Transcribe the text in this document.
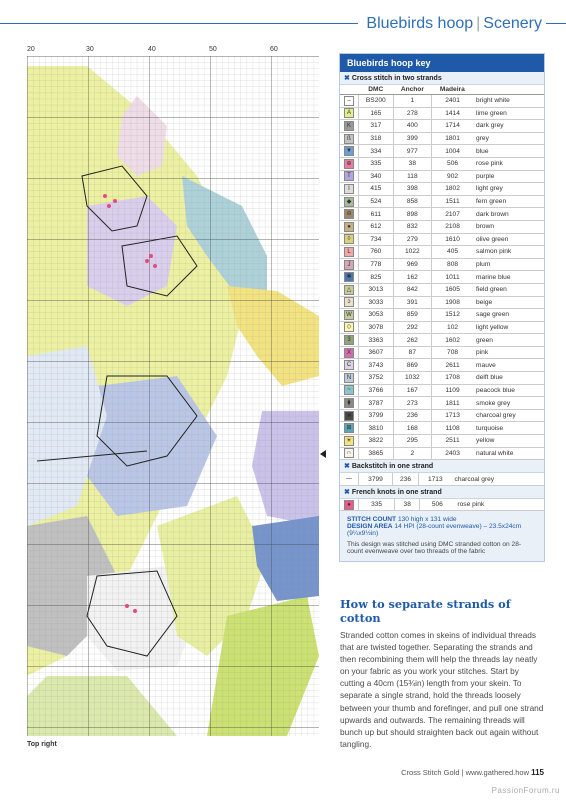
Bluebirds hoop | Scenery
20	30	40	50	60
Top right
Bluebirds hoop key
✖ Cross stitch in two strands
	DMC	Anchor	Madeira	
–	BS200	1	2401	bright white
A	165	278	1414	lime green
K	317	400	1714	dark grey
ß	318	399	1801	grey
▼	334	977	1004	blue
⊕	335	38	506	rose pink
T	340	118	902	purple
I	415	398	1802	light grey
◆	524	858	1511	fern green
⊖	611	898	2107	dark brown
●	612	832	2108	brown
◊	734	279	1610	olive green
L	760	1022	405	salmon pink
J	778	969	808	plum
✱	825	162	1011	marine blue
△	3013	842	1605	field green
ↄ	3033	391	1908	beige
W	3053	859	1512	sage green
◇	3078	292	102	light yellow
3	3363	262	1602	green
X	3607	87	708	pink
C	3743	869	2611	mauve
N	3752	1032	1708	delft blue
~	3766	167	1109	peacock blue
⧫	3787	273	1811	smoke grey
■	3799	236	1713	charcoal grey
⊞	3810	168	1108	turquoise
☀	3822	295	2511	yellow
∩	3865	2	2403	natural white
✖ Backstitch in one strand
—	3799	236	1713	charcoal grey
✖ French knots in one strand
●	335	38	506	rose pink
STITCH COUNT 130 high x 131 wide
DESIGN AREA 14 HPI (28-count evenweave) – 23.5x24cm (9¼x9½in)
This design was stitched using DMC stranded cotton on 28-count evenweave over two threads of the fabric
How to separate strands of cotton

Stranded cotton comes in skeins of individual threads that are twisted together. Separating the strands and then recombining them will help the threads lay neatly on your fabric as you work your stitches. Start by cutting a 40cm (15¾in) length from your skein. To separate a single strand, hold the threads loosely between your thumb and forefinger, and pull one strand upwards and outwards. The remaining threads will bunch up but should straighten back out again without tangling.

Cross Stitch Gold | www.gathered.how 115
PassionForum.ru
